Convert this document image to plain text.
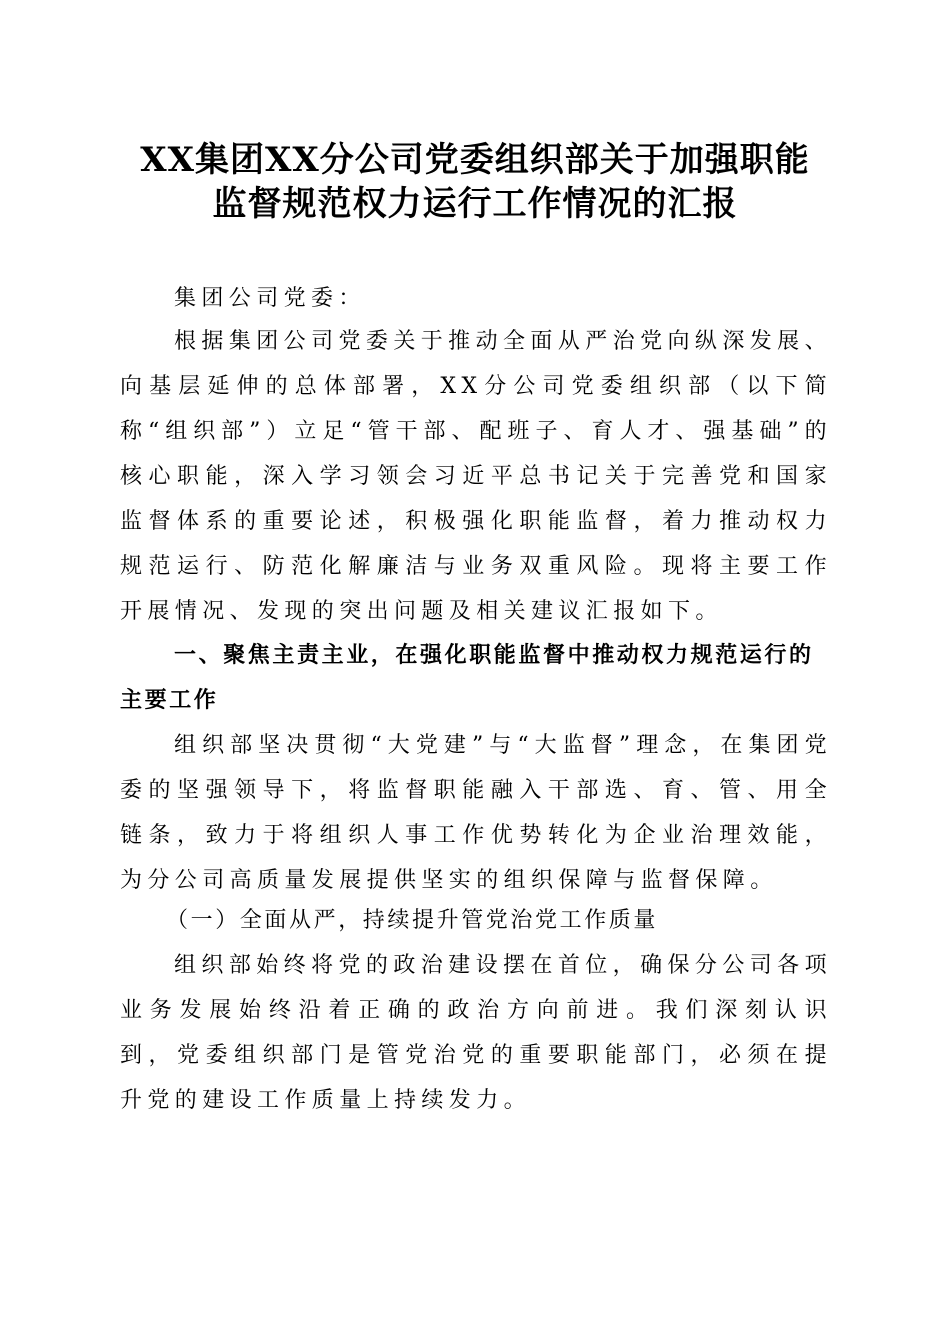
XX集团XX分公司党委组织部关于加强职能
监督规范权力运行工作情况的汇报

集团公司党委：

根据集团公司党委关于推动全面从严治党向纵深发展、向基层延伸的总体部署，XX分公司党委组织部（以下简称“组织部”）立足“管干部、配班子、育人才、强基础”的核心职能，深入学习领会习近平总书记关于完善党和国家监督体系的重要论述，积极强化职能监督，着力推动权力规范运行、防范化解廉洁与业务双重风险。现将主要工作开展情况、发现的突出问题及相关建议汇报如下。

一、聚焦主责主业，在强化职能监督中推动权力规范运行的主要工作

组织部坚决贯彻“大党建”与“大监督”理念，在集团党委的坚强领导下，将监督职能融入干部选、育、管、用全链条，致力于将组织人事工作优势转化为企业治理效能，为分公司高质量发展提供坚实的组织保障与监督保障。

（一）全面从严，持续提升管党治党工作质量

组织部始终将党的政治建设摆在首位，确保分公司各项业务发展始终沿着正确的政治方向前进。我们深刻认识到，党委组织部门是管党治党的重要职能部门，必须在提升党的建设工作质量上持续发力。
